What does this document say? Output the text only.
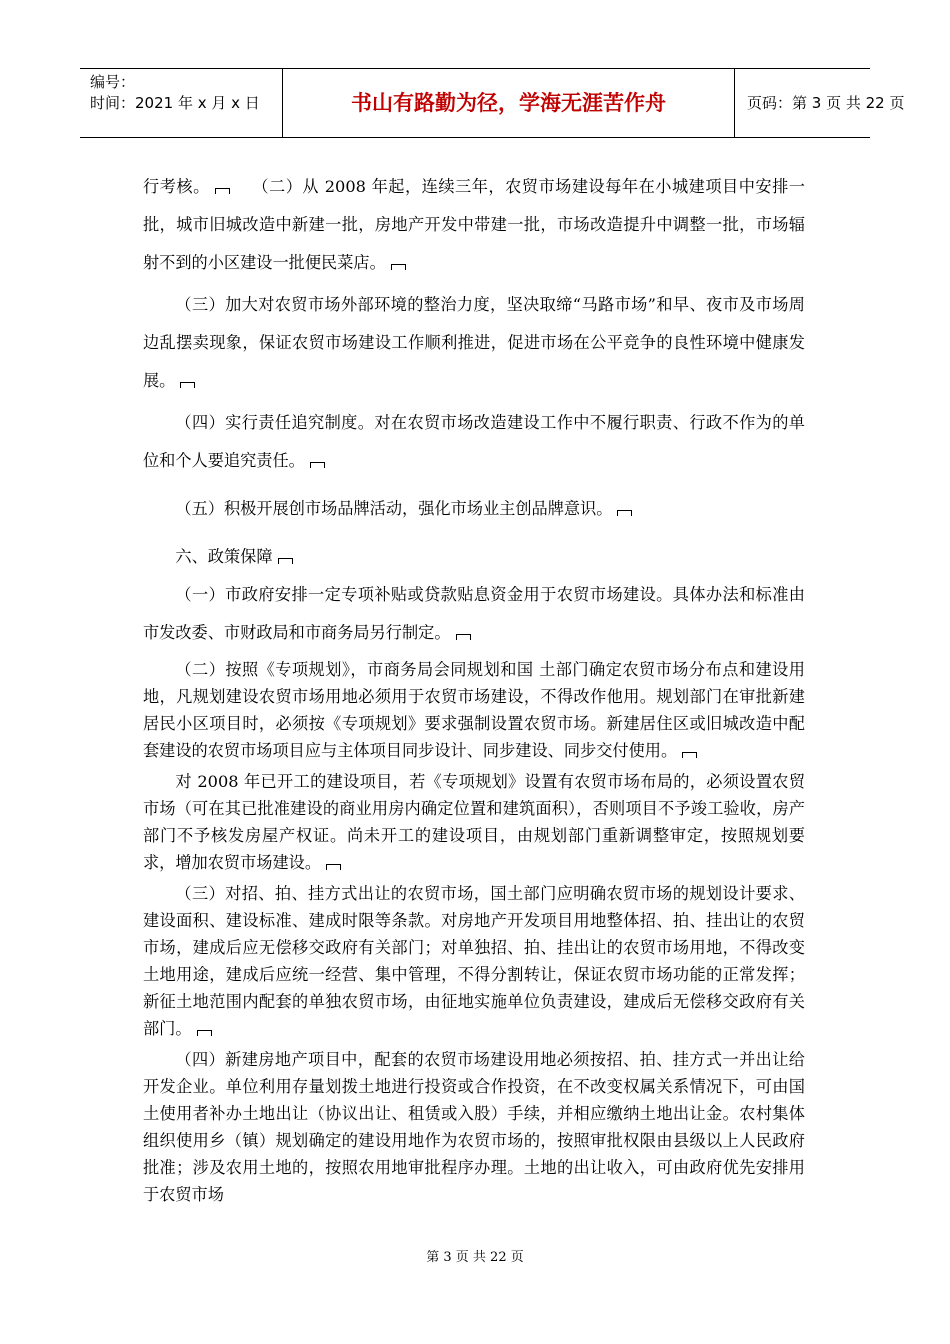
编号：
时间：2021 年 x 月 x 日	书山有路勤为径，学海无涯苦作舟	页码：第 3 页 共 22 页

行考核。	（二）从 2008 年起，连续三年，农贸市场建设每年在小城建项目中安排一批，城市旧城改造中新建一批，房地产开发中带建一批，市场改造提升中调整一批，市场辐射不到的小区建设一批便民菜店。

（三）加大对农贸市场外部环境的整治力度，坚决取缔“马路市场”和早、夜市及市场周边乱摆卖现象，保证农贸市场建设工作顺利推进，促进市场在公平竞争的良性环境中健康发展。

（四）实行责任追究制度。对在农贸市场改造建设工作中不履行职责、行政不作为的单位和个人要追究责任。

（五）积极开展创市场品牌活动，强化市场业主创品牌意识。

六、政策保障

（一）市政府安排一定专项补贴或贷款贴息资金用于农贸市场建设。具体办法和标准由市发改委、市财政局和市商务局另行制定。

（二）按照《专项规划》，市商务局会同规划和国 土部门确定农贸市场分布点和建设用地，凡规划建设农贸市场用地必须用于农贸市场建设，不得改作他用。规划部门在审批新建居民小区项目时，必须按《专项规划》要求强制设置农贸市场。新建居住区或旧城改造中配套建设的农贸市场项目应与主体项目同步设计、同步建设、同步交付使用。

对 2008 年已开工的建设项目，若《专项规划》设置有农贸市场布局的，必须设置农贸市场（可在其已批准建设的商业用房内确定位置和建筑面积），否则项目不予竣工验收，房产部门不予核发房屋产权证。尚未开工的建设项目，由规划部门重新调整审定，按照规划要求，增加农贸市场建设。

（三）对招、拍、挂方式出让的农贸市场，国土部门应明确农贸市场的规划设计要求、建设面积、建设标准、建成时限等条款。对房地产开发项目用地整体招、拍、挂出让的农贸市场，建成后应无偿移交政府有关部门；对单独招、拍、挂出让的农贸市场用地，不得改变土地用途，建成后应统一经营、集中管理，不得分割转让，保证农贸市场功能的正常发挥；新征土地范围内配套的单独农贸市场，由征地实施单位负责建设，建成后无偿移交政府有关部门。

（四）新建房地产项目中，配套的农贸市场建设用地必须按招、拍、挂方式一并出让给开发企业。单位利用存量划拨土地进行投资或合作投资，在不改变权属关系情况下，可由国土使用者补办土地出让（协议出让、租赁或入股）手续，并相应缴纳土地出让金。农村集体组织使用乡（镇）规划确定的建设用地作为农贸市场的，按照审批权限由县级以上人民政府批准；涉及农用土地的，按照农用地审批程序办理。土地的出让收入，可由政府优先安排用于农贸市场

第 3 页 共 22 页
